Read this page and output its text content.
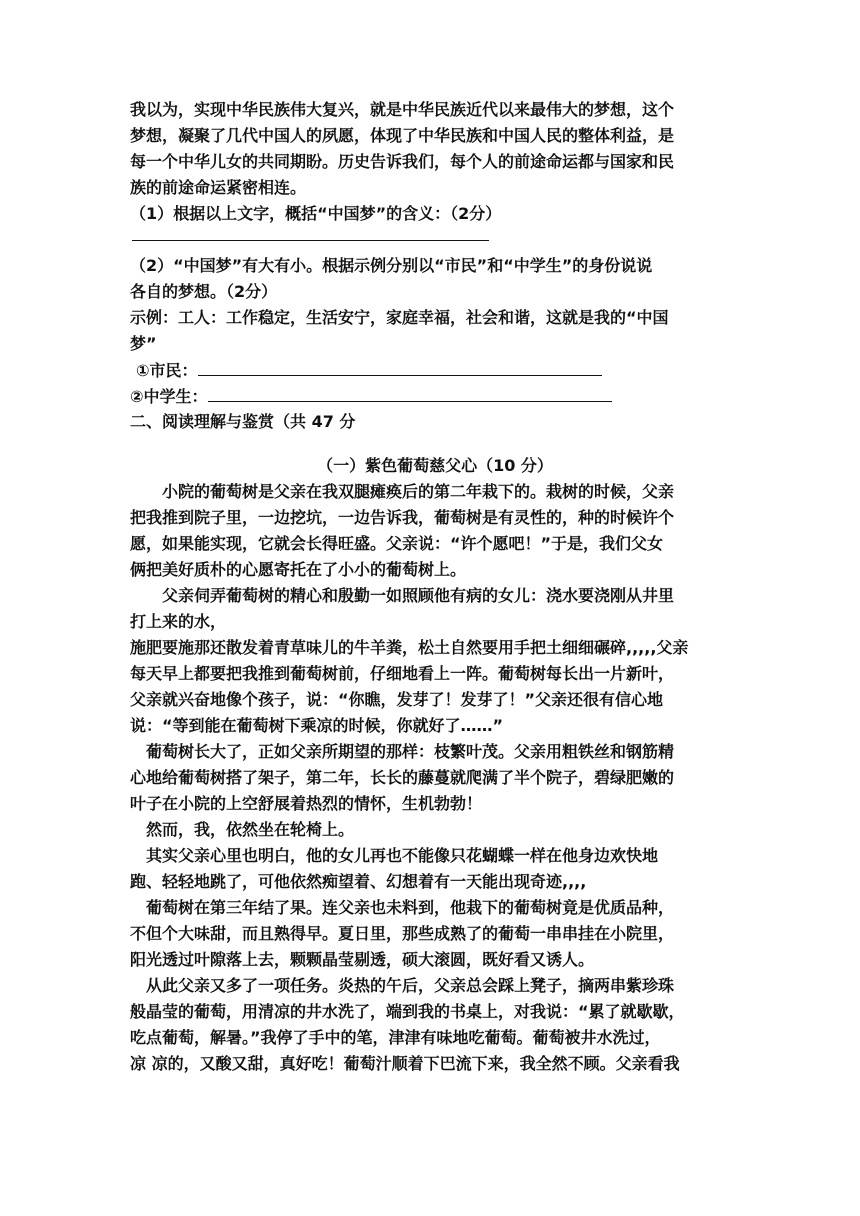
我以为，实现中华民族伟大复兴，就是中华民族近代以来最伟大的梦想，这个
梦想，凝聚了几代中国人的夙愿，体现了中华民族和中国人民的整体利益，是
每一个中华儿女的共同期盼。历史告诉我们，每个人的前途命运都与国家和民
族的前途命运紧密相连。
（1）根据以上文字，概括“中国梦”的含义：（2分）
（2）“中国梦”有大有小。根据示例分别以“市民”和“中学生”的身份说说
各自的梦想。（2分）
示例：工人：工作稳定，生活安宁，家庭幸福，社会和谐，这就是我的“中国
梦”
①市民：
②中学生：
二、阅读理解与鉴赏（共 47 分
（一）紫色葡萄慈父心（10 分）
小院的葡萄树是父亲在我双腿瘫痪后的第二年栽下的。栽树的时候，父亲
把我推到院子里，一边挖坑，一边告诉我，葡萄树是有灵性的，种的时候许个
愿，如果能实现，它就会长得旺盛。父亲说：“许个愿吧！”于是，我们父女
俩把美好质朴的心愿寄托在了小小的葡萄树上。
父亲伺弄葡萄树的精心和殷勤一如照顾他有病的女儿：浇水要浇刚从井里
打上来的水，
施肥要施那还散发着青草味儿的牛羊粪，松土自然要用手把土细细碾碎,,,,,父亲
每天早上都要把我推到葡萄树前，仔细地看上一阵。葡萄树每长出一片新叶，
父亲就兴奋地像个孩子，说：“你瞧，发芽了！发芽了！”父亲还很有信心地
说：“等到能在葡萄树下乘凉的时候，你就好了……”
葡萄树长大了，正如父亲所期望的那样：枝繁叶茂。父亲用粗铁丝和钢筋精
心地给葡萄树搭了架子，第二年，长长的藤蔓就爬满了半个院子，碧绿肥嫩的
叶子在小院的上空舒展着热烈的情怀，生机勃勃！
然而，我，依然坐在轮椅上。
其实父亲心里也明白，他的女儿再也不能像只花蝴蝶一样在他身边欢快地
跑、轻轻地跳了，可他依然痴望着、幻想着有一天能出现奇迹,,,,
葡萄树在第三年结了果。连父亲也未料到，他栽下的葡萄树竟是优质品种，
不但个大味甜，而且熟得早。夏日里，那些成熟了的葡萄一串串挂在小院里，
阳光透过叶隙落上去，颗颗晶莹剔透，硕大滚圆，既好看又诱人。
从此父亲又多了一项任务。炎热的午后，父亲总会踩上凳子，摘两串紫珍珠
般晶莹的葡萄，用清凉的井水洗了，端到我的书桌上，对我说：“累了就歇歇，
吃点葡萄，解暑。”我停了手中的笔，津津有味地吃葡萄。葡萄被井水洗过，
凉 凉的，又酸又甜，真好吃！葡萄汁顺着下巴流下来，我全然不顾。父亲看我
